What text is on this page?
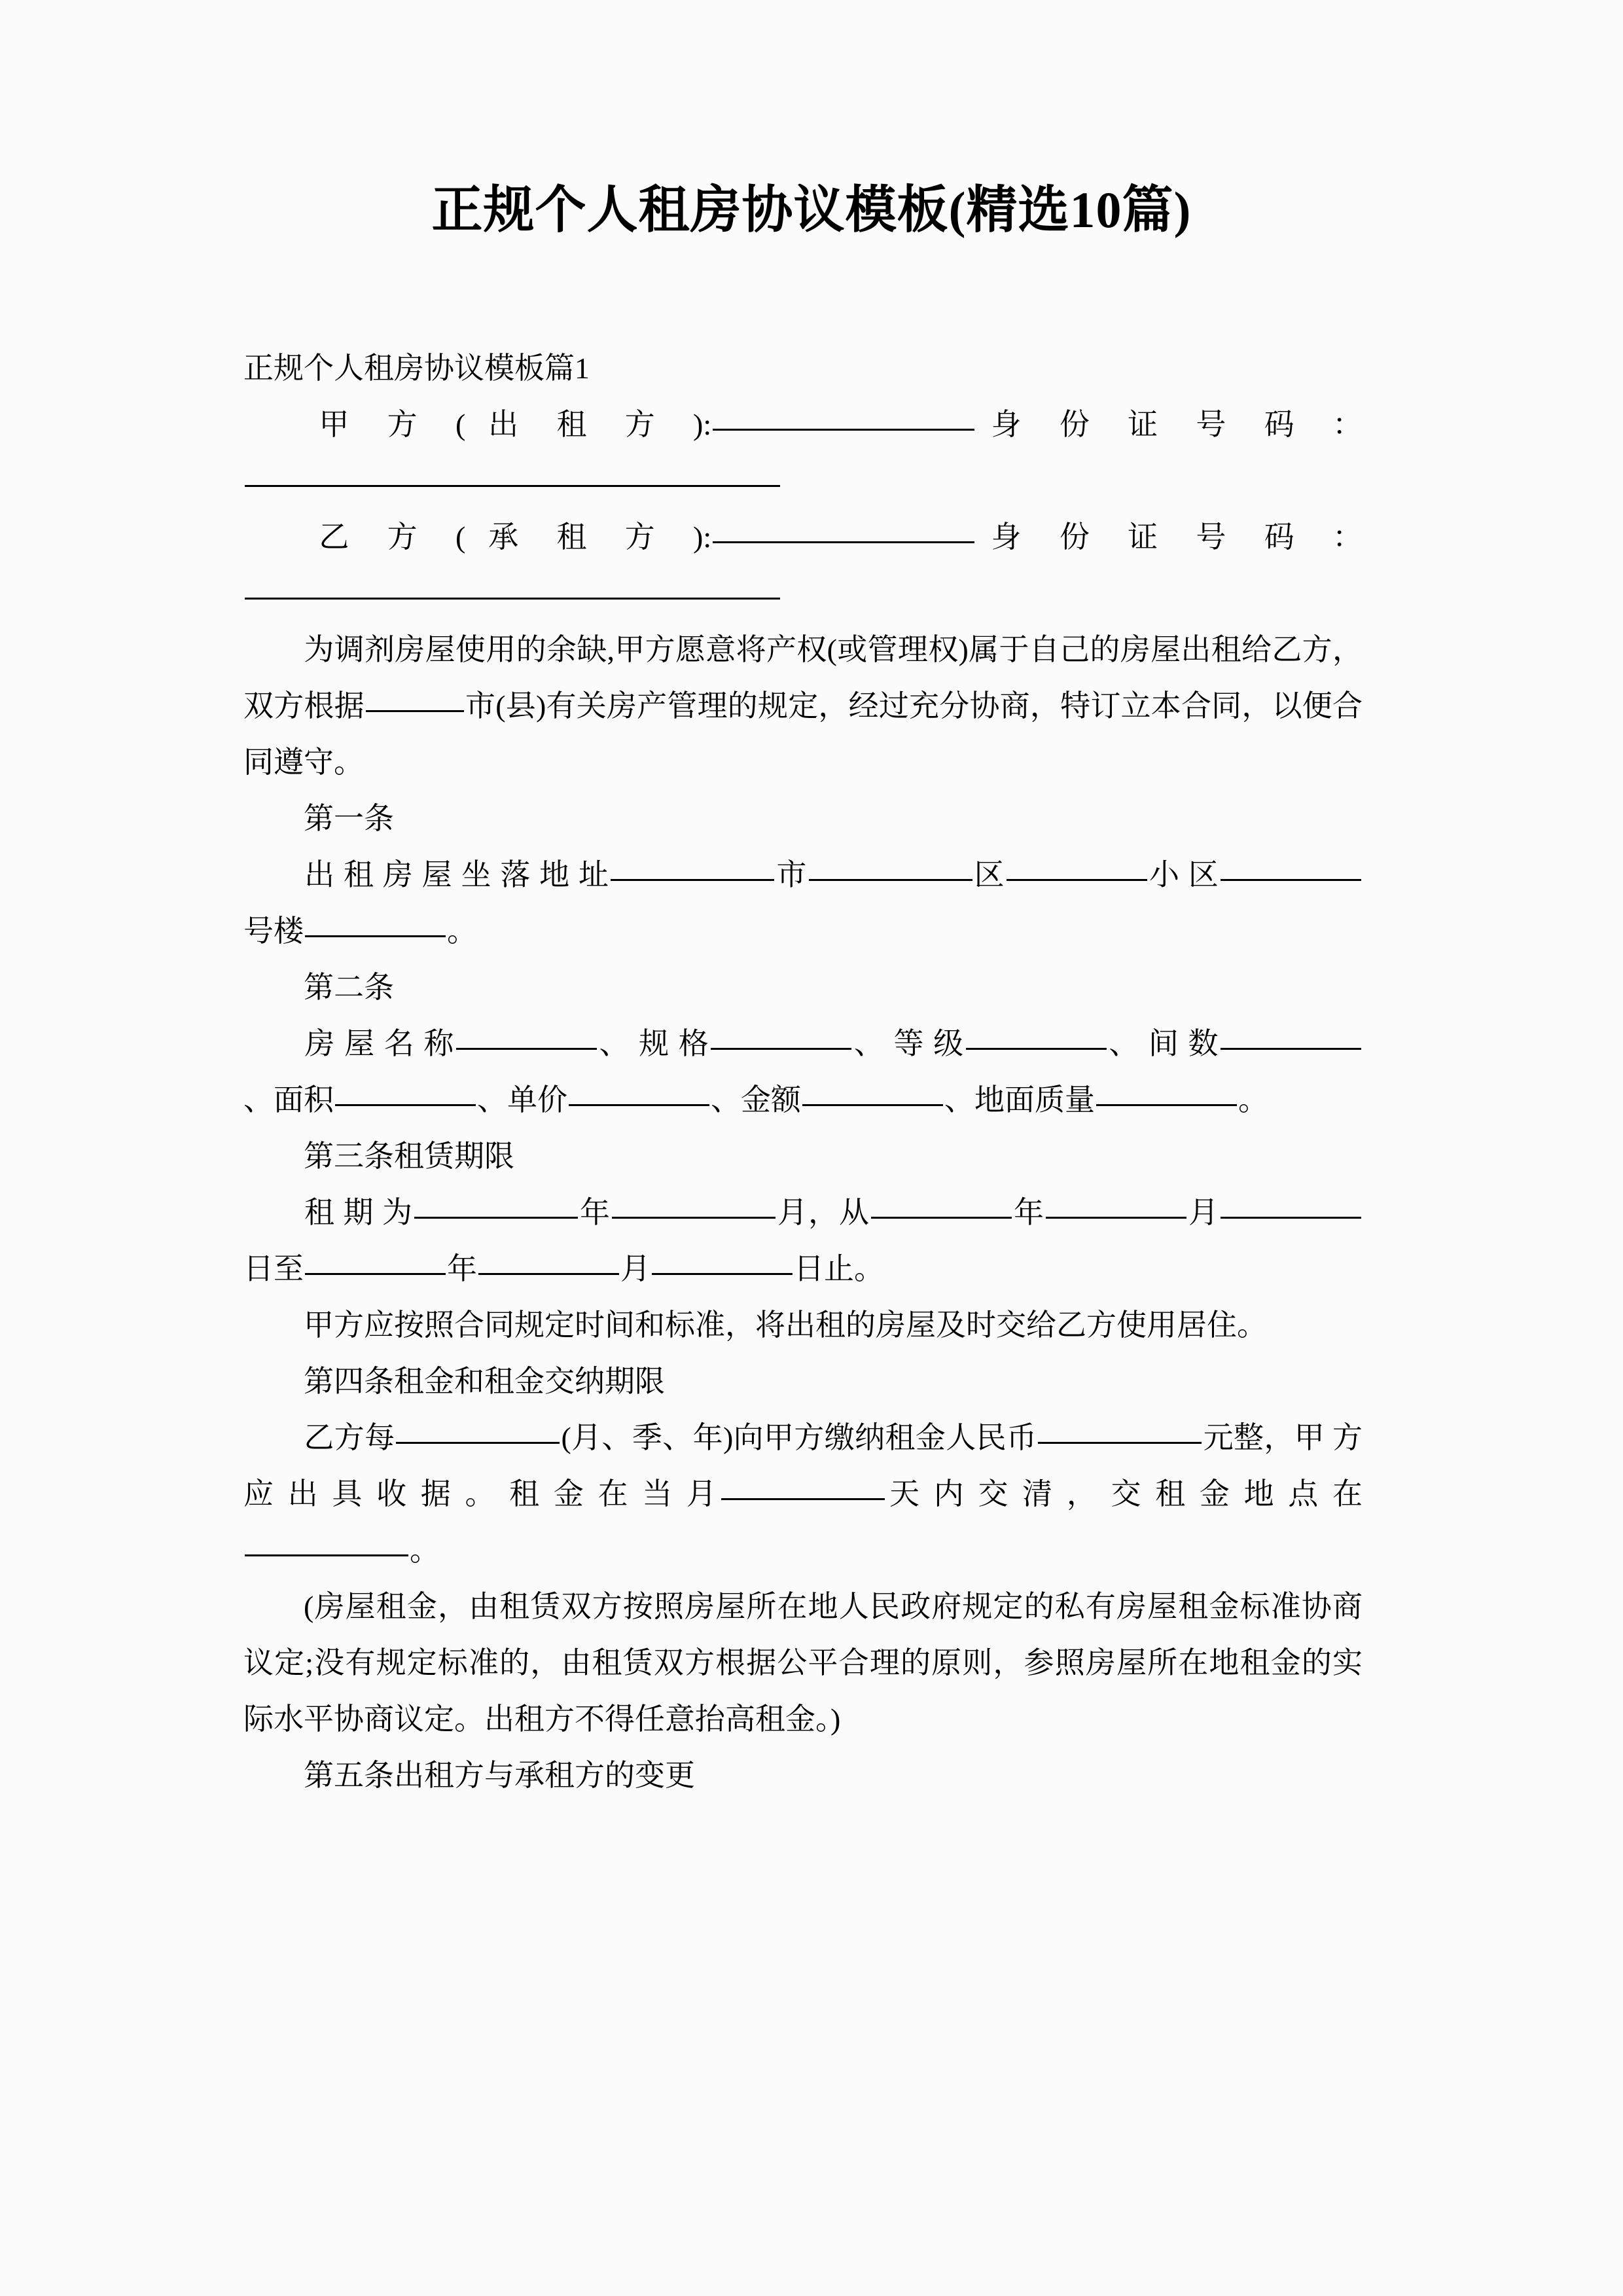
正规个人租房协议模板(精选10篇)
正规个人租房协议模板篇1
甲 方 ( 出 租 方 ):	身 份 证 号 码 ：
乙 方 ( 承 租 方 ):	身 份 证 号 码 ：
为调剂房屋使用的余缺,甲方愿意将产权(或管理权)属于自己的房屋出租给乙方，双方根据	市(县)有关房产管理的规定，经过充分协商，特订立本合同，以便合同遵守。
第一条
出 租 房 屋 坐 落 地 址	市	区	小 区号楼	。
第二条
房 屋 名 称	、 规 格	、 等 级	、 间 数、面积	、单价	、金额	、地面质量	。
第三条租赁期限
租 期 为	年	月，从	年	月日至	年	月	日止。
甲方应按照合同规定时间和标准，将出租的房屋及时交给乙方使用居住。
第四条租金和租金交纳期限
乙方每	(月、季、年)向甲方缴纳租金人民币	元整，甲 方 应 出 具 收 据 。 租 金 在 当 月	天 内 交 清 ， 交 租 金 地 点 在。
(房屋租金，由租赁双方按照房屋所在地人民政府规定的私有房屋租金标准协商议定;没有规定标准的，由租赁双方根据公平合理的原则，参照房屋所在地租金的实际水平协商议定。出租方不得任意抬高租金。)
第五条出租方与承租方的变更
